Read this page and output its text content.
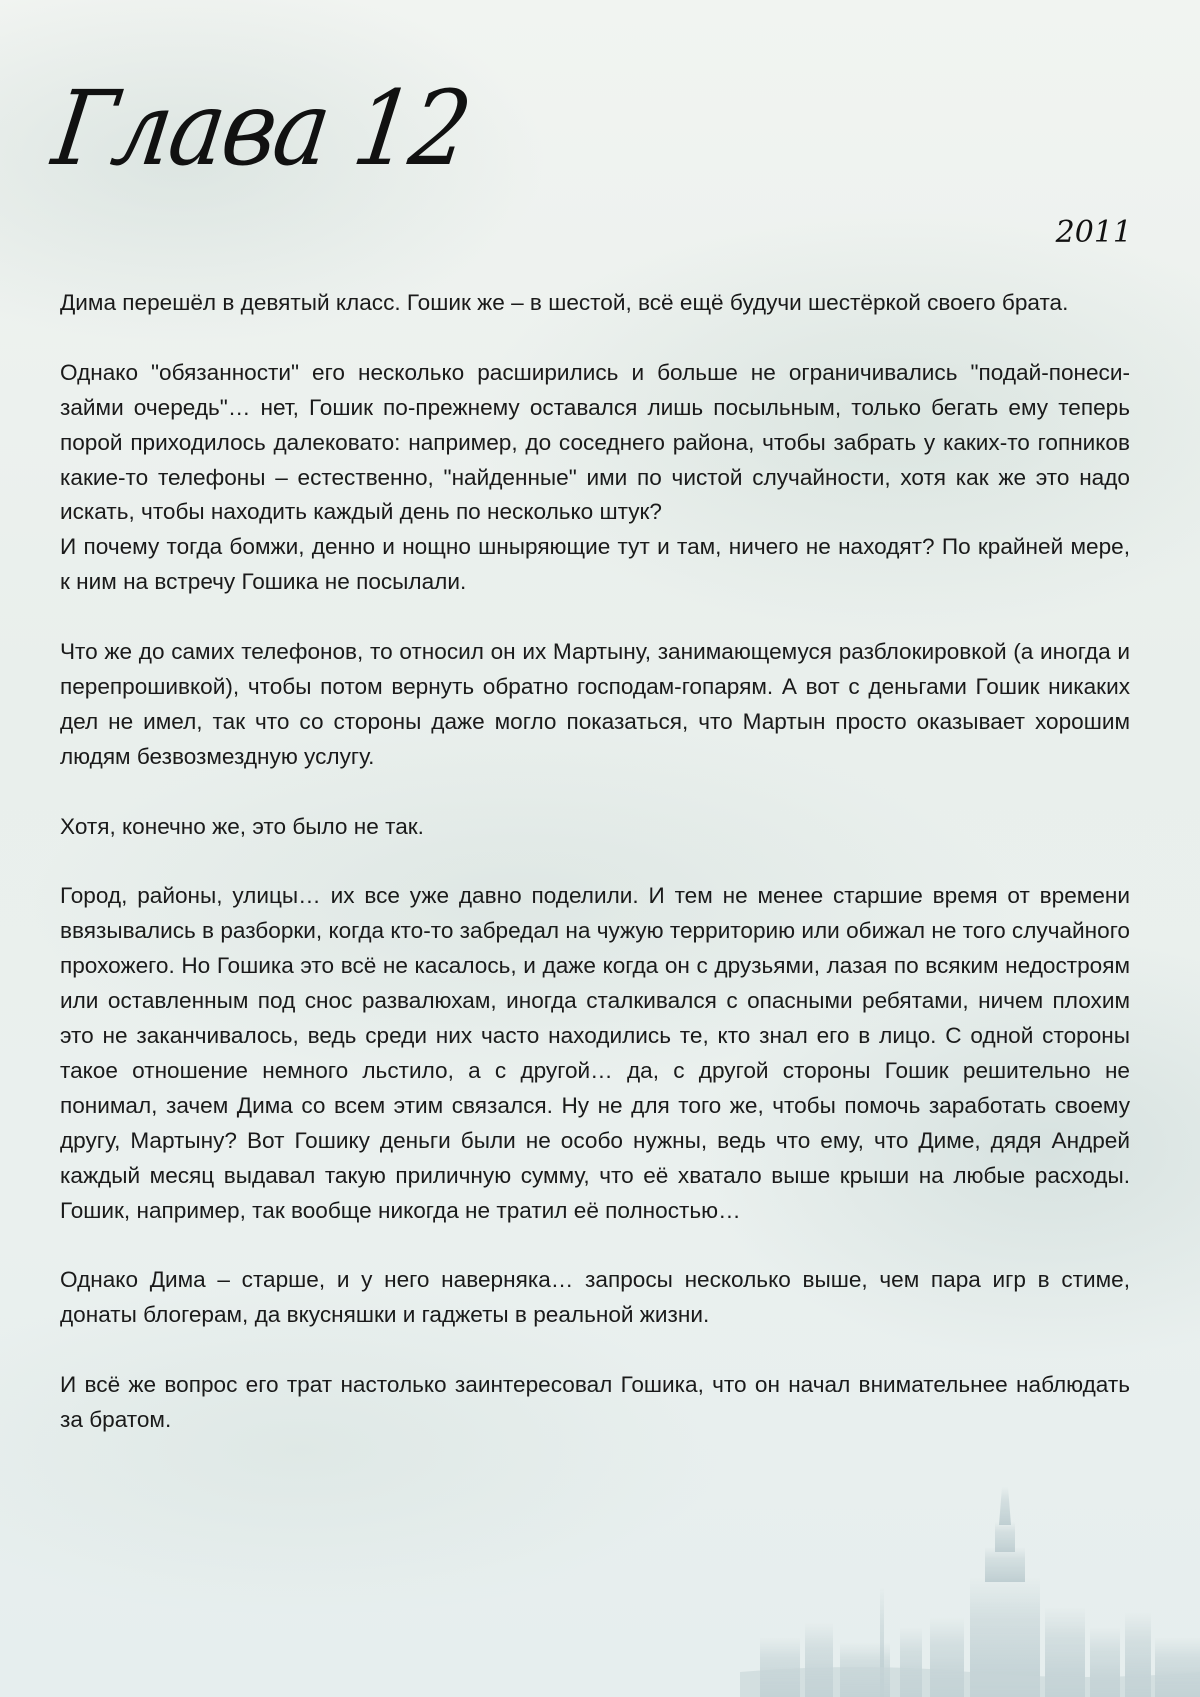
Глава 12
2011

Дима перешёл в девятый класс. Гошик же – в шестой, всё ещё будучи шестёркой своего брата.

Однако "обязанности" его несколько расширились и больше не ограничивались "подай-понеси-займи очередь"… нет, Гошик по-прежнему оставался лишь посыльным, только бегать ему теперь порой приходилось далековато: например, до соседнего района, чтобы забрать у каких-то гопников какие-то телефоны – естественно, "найденные" ими по чистой случайности, хотя как же это надо искать, чтобы находить каждый день по несколько штук?

И почему тогда бомжи, денно и нощно шныряющие тут и там, ничего не находят? По крайней мере, к ним на встречу Гошика не посылали.

Что же до самих телефонов, то относил он их Мартыну, занимающемуся разблокировкой (а иногда и перепрошивкой), чтобы потом вернуть обратно господам-гопарям. А вот с деньгами Гошик никаких дел не имел, так что со стороны даже могло показаться, что Мартын просто оказывает хорошим людям безвозмездную услугу.

Хотя, конечно же, это было не так.

Город, районы, улицы… их все уже давно поделили. И тем не менее старшие время от времени ввязывались в разборки, когда кто-то забредал на чужую территорию или обижал не того случайного прохожего. Но Гошика это всё не касалось, и даже когда он с друзьями, лазая по всяким недостроям или оставленным под снос развалюхам, иногда сталкивался с опасными ребятами, ничем плохим это не заканчивалось, ведь среди них часто находились те, кто знал его в лицо. С одной стороны такое отношение немного льстило, а с другой… да, с другой стороны Гошик решительно не понимал, зачем Дима со всем этим связался. Ну не для того же, чтобы помочь заработать своему другу, Мартыну? Вот Гошику деньги были не особо нужны, ведь что ему, что Диме, дядя Андрей каждый месяц выдавал такую приличную сумму, что её хватало выше крыши на любые расходы. Гошик, например, так вообще никогда не тратил её полностью…

Однако Дима – старше, и у него наверняка… запросы несколько выше, чем пара игр в стиме, донаты блогерам, да вкусняшки и гаджеты в реальной жизни.

И всё же вопрос его трат настолько заинтересовал Гошика, что он начал внимательнее наблюдать за братом.
